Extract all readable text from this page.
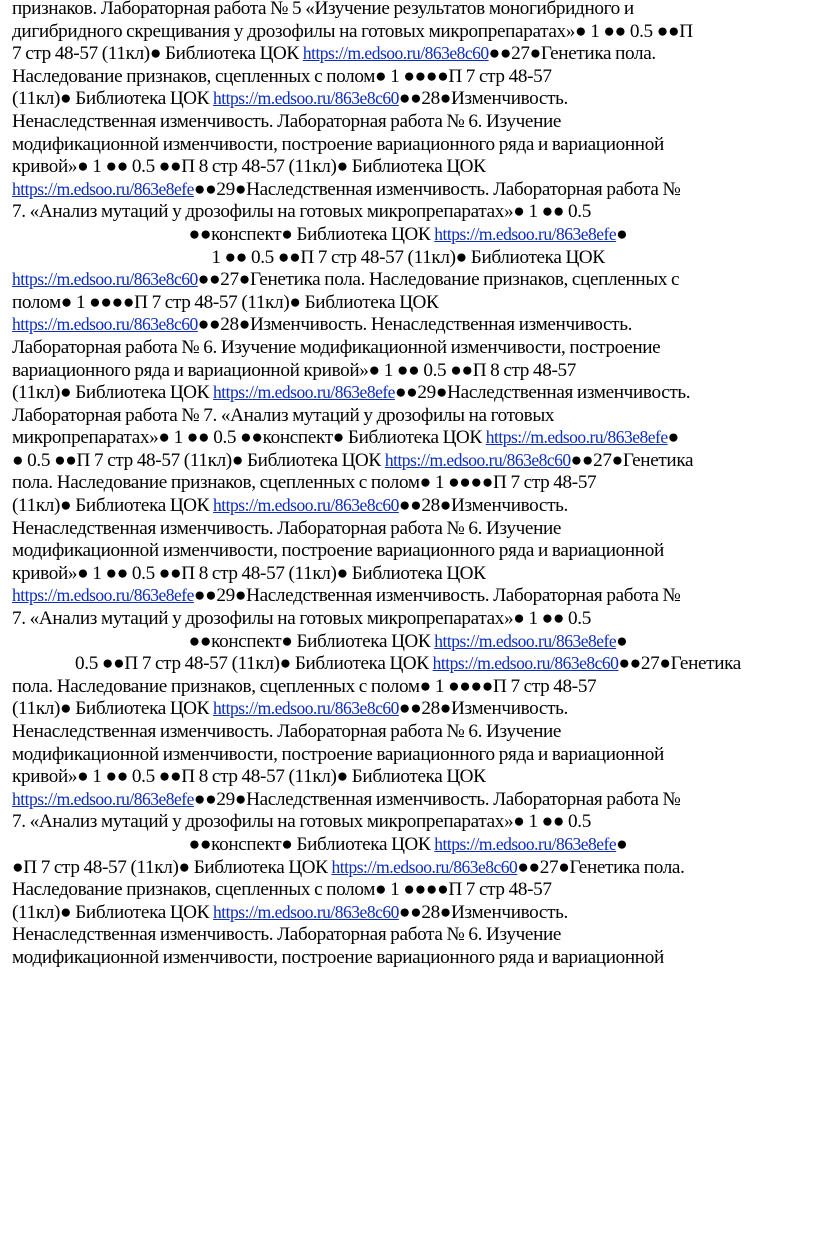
признаков. Лабораторная работа № 5 «Изучение результатов моногибридного и
дигибридного скрещивания у дрозофилы на готовых микропрепаратах»● 1 ●● 0.5 ●●П
7 стр 48-57 (11кл)● Библиотека ЦОК https://m.edsoo.ru/863e8c60●●27●Генетика пола.
Наследование признаков, сцепленных с полом● 1 ●●●●П 7 стр 48-57
(11кл)● Библиотека ЦОК https://m.edsoo.ru/863e8c60●●28●Изменчивость.
Ненаследственная изменчивость. Лабораторная работа № 6. Изучение
модификационной изменчивости, построение вариационного ряда и вариационной
кривой»● 1 ●● 0.5 ●●П 8 стр 48-57 (11кл)● Библиотека ЦОК
https://m.edsoo.ru/863e8efe●●29●Наследственная изменчивость. Лабораторная работа №
7. «Анализ мутаций у дрозофилы на готовых микропрепаратах»● 1 ●● 0.5
●●конспект● Библиотека ЦОК https://m.edsoo.ru/863e8efe●
1 ●● 0.5 ●●П 7 стр 48-57 (11кл)● Библиотека ЦОК
https://m.edsoo.ru/863e8c60●●27●Генетика пола. Наследование признаков, сцепленных с
полом● 1 ●●●●П 7 стр 48-57 (11кл)● Библиотека ЦОК
https://m.edsoo.ru/863e8c60●●28●Изменчивость. Ненаследственная изменчивость.
Лабораторная работа № 6. Изучение модификационной изменчивости, построение
вариационного ряда и вариационной кривой»● 1 ●● 0.5 ●●П 8 стр 48-57
(11кл)● Библиотека ЦОК https://m.edsoo.ru/863e8efe●●29●Наследственная изменчивость.
Лабораторная работа № 7. «Анализ мутаций у дрозофилы на готовых
микропрепаратах»● 1 ●● 0.5 ●●конспект● Библиотека ЦОК https://m.edsoo.ru/863e8efe●
● 0.5 ●●П 7 стр 48-57 (11кл)● Библиотека ЦОК https://m.edsoo.ru/863e8c60●●27●Генетика
пола. Наследование признаков, сцепленных с полом● 1 ●●●●П 7 стр 48-57
(11кл)● Библиотека ЦОК https://m.edsoo.ru/863e8c60●●28●Изменчивость.
Ненаследственная изменчивость. Лабораторная работа № 6. Изучение
модификационной изменчивости, построение вариационного ряда и вариационной
кривой»● 1 ●● 0.5 ●●П 8 стр 48-57 (11кл)● Библиотека ЦОК
https://m.edsoo.ru/863e8efe●●29●Наследственная изменчивость. Лабораторная работа №
7. «Анализ мутаций у дрозофилы на готовых микропрепаратах»● 1 ●● 0.5
●●конспект● Библиотека ЦОК https://m.edsoo.ru/863e8efe●
0.5 ●●П 7 стр 48-57 (11кл)● Библиотека ЦОК https://m.edsoo.ru/863e8c60●●27●Генетика
пола. Наследование признаков, сцепленных с полом● 1 ●●●●П 7 стр 48-57
(11кл)● Библиотека ЦОК https://m.edsoo.ru/863e8c60●●28●Изменчивость.
Ненаследственная изменчивость. Лабораторная работа № 6. Изучение
модификационной изменчивости, построение вариационного ряда и вариационной
кривой»● 1 ●● 0.5 ●●П 8 стр 48-57 (11кл)● Библиотека ЦОК
https://m.edsoo.ru/863e8efe●●29●Наследственная изменчивость. Лабораторная работа №
7. «Анализ мутаций у дрозофилы на готовых микропрепаратах»● 1 ●● 0.5
●●конспект● Библиотека ЦОК https://m.edsoo.ru/863e8efe●
●П 7 стр 48-57 (11кл)● Библиотека ЦОК https://m.edsoo.ru/863e8c60●●27●Генетика пола.
Наследование признаков, сцепленных с полом● 1 ●●●●П 7 стр 48-57
(11кл)● Библиотека ЦОК https://m.edsoo.ru/863e8c60●●28●Изменчивость.
Ненаследственная изменчивость. Лабораторная работа № 6. Изучение
модификационной изменчивости, построение вариационного ряда и вариационной
